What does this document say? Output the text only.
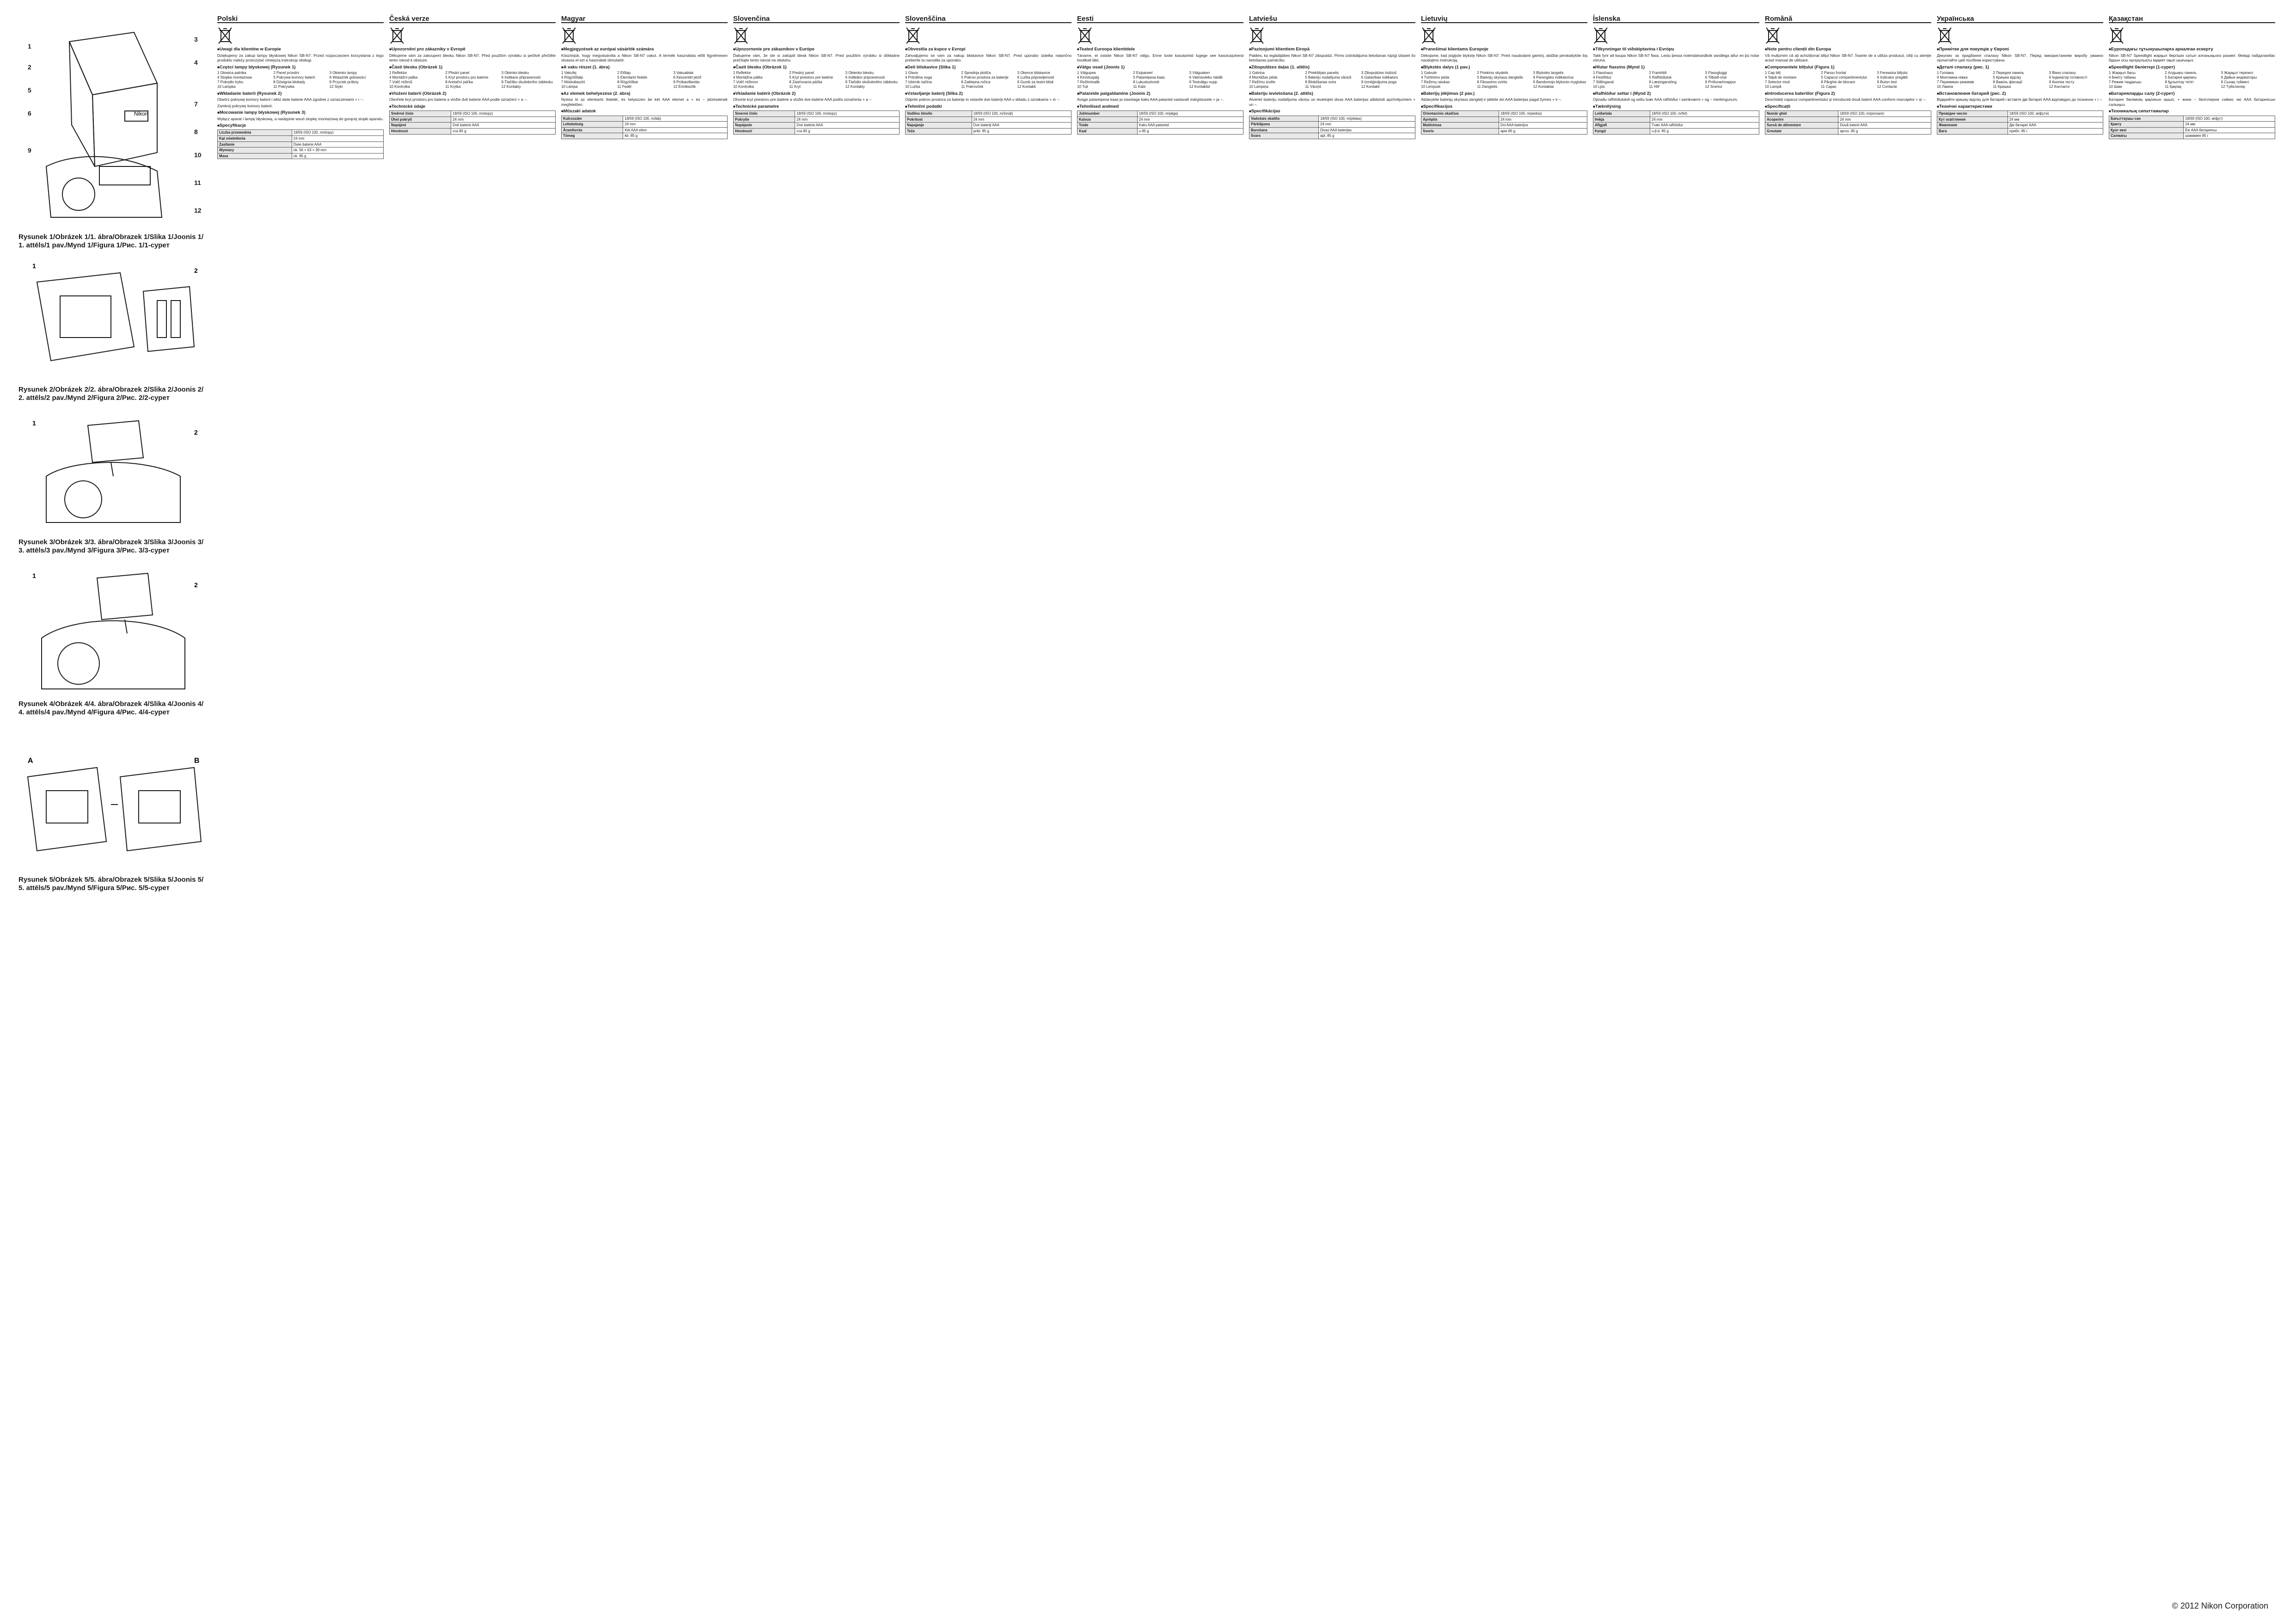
Nikon
1
2
3
4
5
6
7
8
9
10
11
12
Rysunek 1/Obrázek 1/1. ábra/Obrazek 1/Slika 1/Joonis 1/ 1. attēls/1 pav./Mynd 1/Figura 1/Рис. 1/1-сурет
1
2
Rysunek 2/Obrázek 2/2. ábra/Obrazek 2/Slika 2/Joonis 2/ 2. attēls/2 pav./Mynd 2/Figura 2/Рис. 2/2-сурет
1
2
Rysunek 3/Obrázek 3/3. ábra/Obrazek 3/Slika 3/Joonis 3/ 3. attēls/3 pav./Mynd 3/Figura 3/Рис. 3/3-сурет
1
2
Rysunek 4/Obrázek 4/4. ábra/Obrazek 4/Slika 4/Joonis 4/ 4. attēls/4 pav./Mynd 4/Figura 4/Рис. 4/4-сурет
A	B
Rysunek 5/Obrázek 5/5. ábra/Obrazek 5/Slika 5/Joonis 5/ 5. attēls/5 pav./Mynd 5/Figura 5/Рис. 5/5-сурет
Polski
■ Uwagi dla klientów w Europie
Dziękujemy za zakup lampy błyskowej Nikon SB-N7. Przed rozpoczęciem korzystania z tego produktu należy przeczytać niniejszą instrukcję obsługi.
■ Części lampy błyskowej (Rysunek 1)
1 Głowica palnika	2 Panel przedni	3 Okienko lampy
4 Stopka montażowa	5 Pokrywa komory baterii	6 Wskaźnik gotowości
7 Pokrętło trybu	8 Dźwignia blokady	9 Przycisk próbny
10 Lampka	11 Pokrywka	12 Styki
■ Wkładanie baterii (Rysunek 2)
Otwórz pokrywę komory baterii i włóż dwie baterie AAA zgodnie z oznaczeniami + i −.
Zamknij pokrywę komory baterii.
■ Mocowanie lampy błyskowej (Rysunek 3)
Wyłącz aparat i lampę błyskową, a następnie wsuń stopkę montażową do gorącej stopki aparatu.
■ Specyfikacje
Liczba przewodnia	18/59 (ISO 100, m/stopy)
Kąt oświetlenia	24 mm
Zasilanie	Dwie baterie AAA
Wymiary	ok. 56 × 63 × 39 mm
Masa	ok. 85 g
Česká verze
■ Upozornění pro zákazníky v Evropě
Děkujeme vám za zakoupení blesku Nikon SB-N7. Před použitím výrobku si pečlivě přečtěte tento návod k obsluze.
■ Části blesku (Obrázek 1)
1 Reflektor	2 Přední panel	3 Okénko blesku
4 Montážní patka	5 Kryt prostoru pro baterie	6 Indikace připravenosti
7 Volič režimů	8 Aretační páčka	9 Tlačítko zkušebního záblesku
10 Kontrolka	11 Krytka	12 Kontakty
■ Vložení baterií (Obrázek 2)
Otevřete kryt prostoru pro baterie a vložte dvě baterie AAA podle označení + a −.
■ Technické údaje
Směrné číslo	18/59 (ISO 100, m/stopy)
Úhel pokrytí	24 mm
Napájení	Dvě baterie AAA
Hmotnost	cca 85 g
Magyar
■ Megjegyzések az európai vásárlók számára
Köszönjük, hogy megvásárolta a Nikon SB-N7 vakut. A termék használata előtt figyelmesen olvassa el ezt a használati útmutatót.
■ A vaku részei (1. ábra)
1 Vakufej	2 Előlap	3 Vakuablak
4 Rögzítőtalp	5 Elemtartó fedele	6 Készenlét jelző
7 Módválasztó	8 Rögzítőkar	9 Próbavillantás
10 Lámpa	11 Fedél	12 Érintkezők
■ Az elemek behelyezése (2. ábra)
Nyissa ki az elemtartó fedelét, és helyezzen be két AAA elemet a + és − jelzéseknek megfelelően.
■ Műszaki adatok
Kulcsszám	18/59 (ISO 100, m/láb)
Lefedettség	24 mm
Áramforrás	Két AAA elem
Tömeg	kb. 85 g
Slovenčina
■ Upozornenie pre zákazníkov v Európe
Ďakujeme vám, že ste si zakúpili blesk Nikon SB-N7. Pred použitím výrobku si dôkladne prečítajte tento návod na obsluhu.
■ Časti blesku (Obrázok 1)
1 Reflektor	2 Predný panel	3 Okienko blesku
4 Montážna pätka	5 Kryt priestoru pre batérie	6 Indikátor pripravenosti
7 Volič režimov	8 Zaisťovacia páčka	9 Tlačidlo skúšobného záblesku
10 Kontrolka	11 Kryt	12 Kontakty
■ Vkladanie batérií (Obrázok 2)
Otvorte kryt priestoru pre batérie a vložte dve batérie AAA podľa označenia + a −.
■ Technické parametre
Smerné číslo	18/59 (ISO 100, m/stopy)
Pokrytie	24 mm
Napájanie	Dve batérie AAA
Hmotnosť	cca 85 g
Slovenščina
■ Obvestila za kupce v Evropi
Zahvaljujemo se vam za nakup bliskavice Nikon SB-N7. Pred uporabo izdelka natančno preberite ta navodila za uporabo.
■ Deli bliskavice (Slika 1)
1 Glava	2 Sprednja plošča	3 Okence bliskavice
4 Pritrdilna noga	5 Pokrov prostora za baterije	6 Lučka pripravljenosti
7 Izbirnik načina	8 Zaklepna ročica	9 Gumb za testni blisk
10 Lučka	11 Pokrovček	12 Kontakti
■ Vstavljanje baterij (Slika 2)
Odprite pokrov prostora za baterije in vstavite dve bateriji AAA v skladu z oznakama + in −.
■ Tehnični podatki
Vodilno število	18/59 (ISO 100, m/čevlji)
Pokritost	24 mm
Napajanje	Dve bateriji AAA
Teža	pribl. 85 g
Eesti
■ Teated Euroopa klientidele
Täname, et ostsite Nikon SB-N7 välgu. Enne toote kasutamist lugege see kasutusjuhend hoolikalt läbi.
■ Välgu osad (Joonis 1)
1 Välgupea	2 Esipaneel	3 Välguaken
4 Kinnitusjalg	5 Patareipesa kaas	6 Valmisoleku näidik
7 Režiimivalik	8 Lukustushoob	9 Testvälgu nupp
10 Tuli	11 Kate	12 Kontaktid
■ Patareide paigaldamine (Joonis 2)
Avage patareipesa kaas ja sisestage kaks AAA patareid vastavalt märgistusele + ja −.
■ Tehnilised andmed
Juhtnumber	18/59 (ISO 100, m/jalga)
Katvus	24 mm
Toide	Kaks AAA patareid
Kaal	u 85 g
Latviešu
■ Paziņojumi klientiem Eiropā
Paldies, ka iegādājāties Nikon SB-N7 zibspuldzi. Pirms izstrādājuma lietošanas rūpīgi izlasiet šo lietošanas pamācību.
■ Zibspuldzes daļas (1. attēls)
1 Galviņa	2 Priekšējais panelis	3 Zibspuldzes lodziņš
4 Montāžas pēda	5 Bateriju nodalījuma vāciņš	6 Gatavības indikators
7 Režīmu izvēle	8 Bloķēšanas svira	9 Izmēģinājuma poga
10 Lampiņa	11 Vāciņš	12 Kontakti
■ Bateriju ievietošana (2. attēls)
Atveriet bateriju nodalījuma vāciņu un ievietojiet divas AAA baterijas atbilstoši apzīmējumiem + un −.
■ Specifikācijas
Vadošais skaitlis	18/59 (ISO 100, m/pēdas)
Pārklājums	24 mm
Barošana	Divas AAA baterijas
Svars	apt. 85 g
Lietuvių
■ Pranešimai klientams Europoje
Dėkojame, kad įsigijote blykstę Nikon SB-N7. Prieš naudodami gaminį, atidžiai perskaitykite šią naudojimo instrukciją.
■ Blykstės dalys (1 pav.)
1 Galvutė	2 Priekinis skydelis	3 Blykstės langelis
4 Tvirtinimo pėda	5 Baterijų skyriaus dangtelis	6 Parengties indikatorius
7 Režimų ratukas	8 Fiksavimo svirtis	9 Bandomojo blyksnio mygtukas
10 Lemputė	11 Dangtelis	12 Kontaktai
■ Baterijų įdėjimas (2 pav.)
Atidarykite baterijų skyriaus dangtelį ir įdėkite dvi AAA baterijas pagal žymes + ir −.
■ Specifikacijos
Orientacinis skaičius	18/59 (ISO 100, m/pėdos)
Aprėptis	24 mm
Maitinimas	Dvi AAA baterijos
Svoris	apie 85 g
Íslenska
■ Tilkynningar til viðskiptavina í Evrópu
Takk fyrir að kaupa Nikon SB-N7 flass. Lestu þessa notendahandbók vandlega áður en þú notar vöruna.
■ Hlutar flassins (Mynd 1)
1 Flasshaus	2 Framhlið	3 Flassgluggi
4 Festifótur	5 Rafhlöðulok	6 Tilbúið-vísir
7 Stillingaval	8 Læsingarstöng	9 Prófunarhnappur
10 Ljós	11 Hlíf	12 Snertur
■ Rafhlöður settar í (Mynd 2)
Opnaðu rafhlöðulokið og settu tvær AAA rafhlöður í samkvæmt + og − merkingunum.
■ Tæknilýsing
Leiðartala	18/59 (ISO 100, m/fet)
Þekja	24 mm
Aflgjafi	Tvær AAA rafhlöður
Þyngd	u.þ.b. 85 g
Română
■ Note pentru clienții din Europa
Vă mulțumim că ați achiziționat blițul Nikon SB-N7. Înainte de a utiliza produsul, citiți cu atenție acest manual de utilizare.
■ Componentele blițului (Figura 1)
1 Cap bliț	2 Panou frontal	3 Fereastra blițului
4 Talpă de montare	5 Capacul compartimentului	6 Indicator pregătit
7 Selector mod	8 Pârghie de blocare	9 Buton test
10 Lampă	11 Capac	12 Contacte
■ Introducerea bateriilor (Figura 2)
Deschideți capacul compartimentului și introduceți două baterii AAA conform marcajelor + și −.
■ Specificații
Număr ghid	18/59 (ISO 100, m/picioare)
Acoperire	24 mm
Sursă de alimentare	Două baterii AAA
Greutate	aprox. 85 g
Українська
■ Примітки для покупців у Європі
Дякуємо за придбання спалаху Nikon SB-N7. Перед використанням виробу уважно прочитайте цей посібник користувача.
■ Деталі спалаху (рис. 1)
1 Головка	2 Передня панель	3 Вікно спалаху
4 Монтажна ніжка	5 Кришка відсіку	6 Індикатор готовності
7 Перемикач режимів	8 Важіль фіксації	9 Кнопка тесту
10 Лампа	11 Кришка	12 Контакти
■ Встановлення батарей (рис. 2)
Відкрийте кришку відсіку для батарей і вставте дві батареї AAA відповідно до позначок + і −.
■ Технічні характеристики
Провідне число	18/59 (ISO 100, м/фути)
Кут освітлення	24 мм
Живлення	Дві батареї AAA
Вага	прибл. 85 г
Қазақстан
■ Еуропадағы тұтынушыларға арналған ескерту
Nikon SB-N7 Speedlight жарқыл бергішін сатып алғаныңызға рахмет. Өнімді пайдаланбас бұрын осы нұсқаулықты мұқият оқып шығыңыз.
■ Speedlight бөліктері (1-сурет)
1 Жарқыл басы	2 Алдыңғы панель	3 Жарқыл терезесі
4 Бекіту табаны	5 Батарея қақпағы	6 Дайын индикаторы
7 Режим таңдағыш	8 Құлыптау тетігі	9 Сынақ түймесі
10 Шам	11 Қақпақ	12 Түйіспелер
■ Батареяларды салу (2-сурет)
Батарея бөлімінің қақпағын ашып, + және − белгілеріне сәйкес екі AAA батареясын салыңыз.
■ Техникалық сипаттамалар
Бағыттаушы сан	18/59 (ISO 100, м/фут)
Қамту	24 мм
Қуат көзі	Екі AAA батареясы
Салмағы	шамамен 85 г
© 2012 Nikon Corporation
